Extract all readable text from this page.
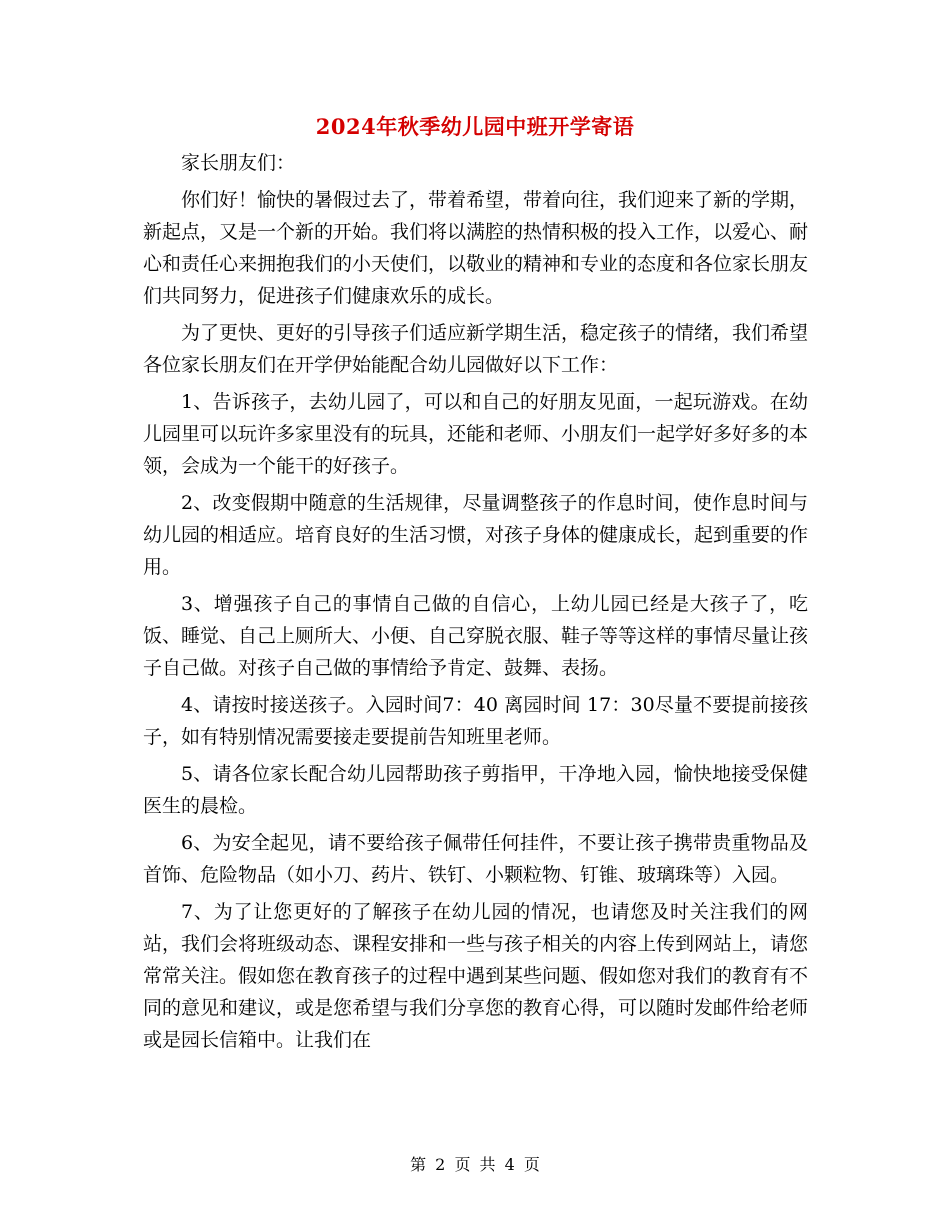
2024年秋季幼儿园中班开学寄语

家长朋友们：

你们好！愉快的暑假过去了，带着希望，带着向往，我们迎来了新的学期，新起点，又是一个新的开始。我们将以满腔的热情积极的投入工作，以爱心、耐心和责任心来拥抱我们的小天使们，以敬业的精神和专业的态度和各位家长朋友们共同努力，促进孩子们健康欢乐的成长。

为了更快、更好的引导孩子们适应新学期生活，稳定孩子的情绪，我们希望各位家长朋友们在开学伊始能配合幼儿园做好以下工作：

1、告诉孩子，去幼儿园了，可以和自己的好朋友见面，一起玩游戏。在幼儿园里可以玩许多家里没有的玩具，还能和老师、小朋友们一起学好多好多的本领，会成为一个能干的好孩子。

2、改变假期中随意的生活规律，尽量调整孩子的作息时间，使作息时间与幼儿园的相适应。培育良好的生活习惯，对孩子身体的健康成长，起到重要的作用。

3、增强孩子自己的事情自己做的自信心，上幼儿园已经是大孩子了，吃饭、睡觉、自己上厕所大、小便、自己穿脱衣服、鞋子等等这样的事情尽量让孩子自己做。对孩子自己做的事情给予肯定、鼓舞、表扬。

4、请按时接送孩子。入园时间7：40 离园时间 17：30尽量不要提前接孩子，如有特别情况需要接走要提前告知班里老师。

5、请各位家长配合幼儿园帮助孩子剪指甲，干净地入园，愉快地接受保健医生的晨检。

6、为安全起见，请不要给孩子佩带任何挂件，不要让孩子携带贵重物品及首饰、危险物品（如小刀、药片、铁钉、小颗粒物、钉锥、玻璃珠等）入园。

7、为了让您更好的了解孩子在幼儿园的情况，也请您及时关注我们的网站，我们会将班级动态、课程安排和一些与孩子相关的内容上传到网站上，请您常常关注。假如您在教育孩子的过程中遇到某些问题、假如您对我们的教育有不同的意见和建议，或是您希望与我们分享您的教育心得，可以随时发邮件给老师或是园长信箱中。让我们在

第 2 页 共 4 页
